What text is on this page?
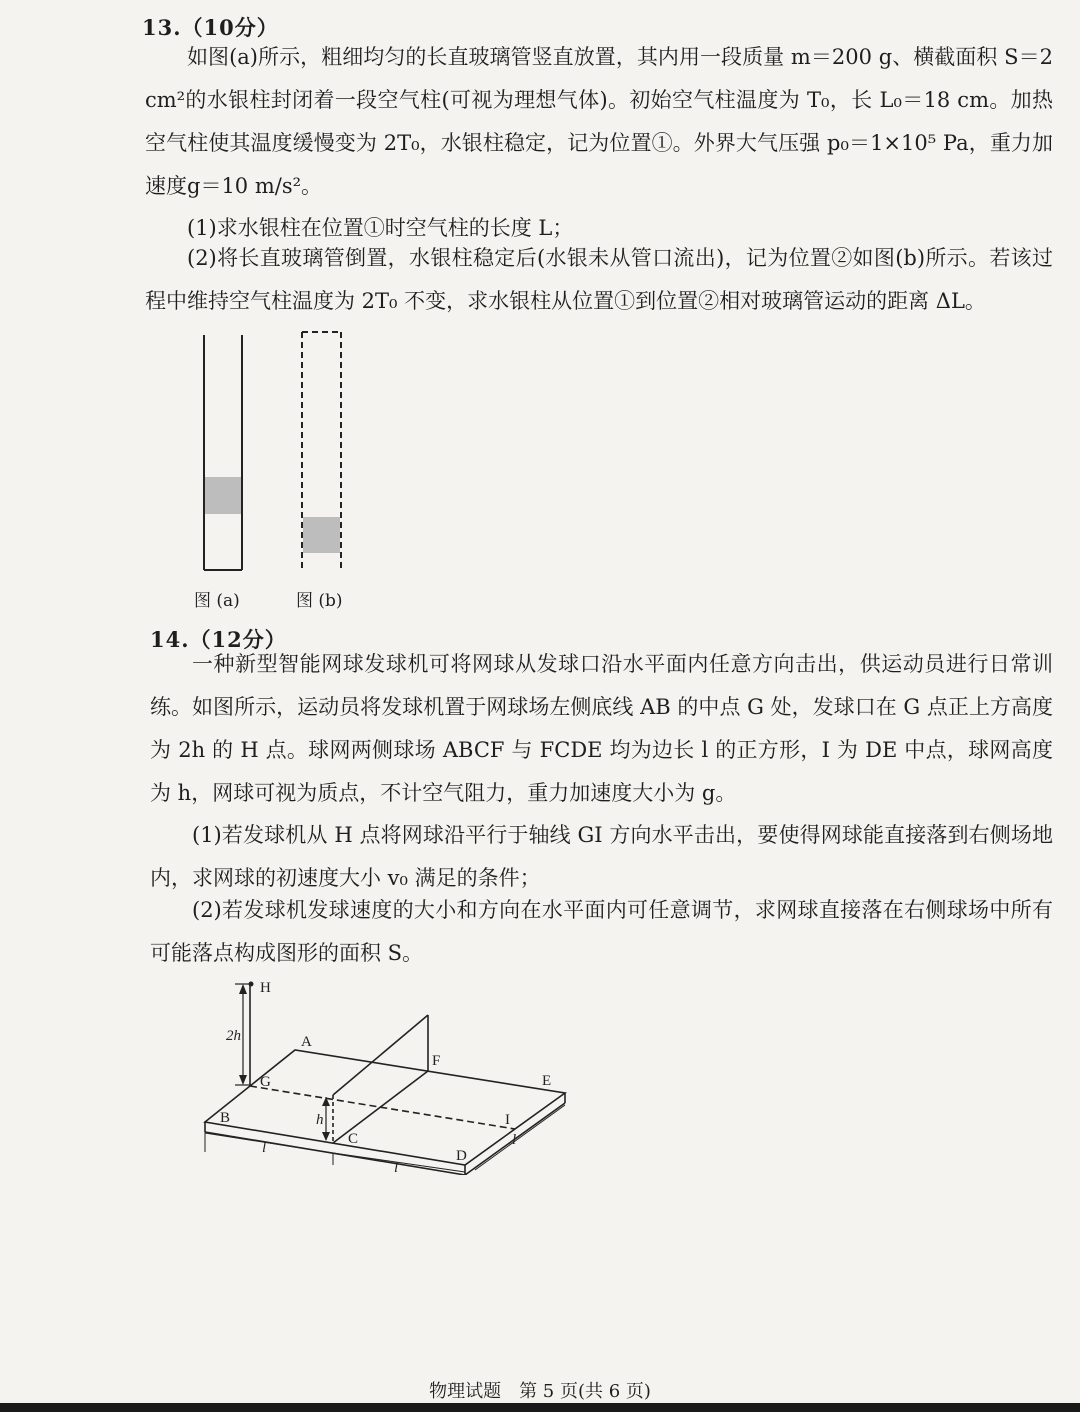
13.（10分）

如图(a)所示，粗细均匀的长直玻璃管竖直放置，其内用一段质量 m＝200 g、横截面积 S＝2 cm²的水银柱封闭着一段空气柱(可视为理想气体)。初始空气柱温度为 T₀，长 L₀＝18 cm。加热空气柱使其温度缓慢变为 2T₀，水银柱稳定，记为位置①。外界大气压强 p₀＝1×10⁵ Pa，重力加速度g＝10 m/s²。

(1)求水银柱在位置①时空气柱的长度 L；

(2)将长直玻璃管倒置，水银柱稳定后(水银未从管口流出)，记为位置②如图(b)所示。若该过程中维持空气柱温度为 2T₀ 不变，求水银柱从位置①到位置②相对玻璃管运动的距离 ΔL。

图 (a)	图 (b)
14.（12分）

一种新型智能网球发球机可将网球从发球口沿水平面内任意方向击出，供运动员进行日常训练。如图所示，运动员将发球机置于网球场左侧底线 AB 的中点 G 处，发球口在 G 点正上方高度为 2h 的 H 点。球网两侧球场 ABCF 与 FCDE 均为边长 l 的正方形，I 为 DE 中点，球网高度为 h，网球可视为质点，不计空气阻力，重力加速度大小为 g。

(1)若发球机从 H 点将网球沿平行于轴线 GI 方向水平击出，要使得网球能直接落到右侧场地内，求网球的初速度大小 v₀ 满足的条件；

(2)若发球机发球速度的大小和方向在水平面内可任意调节，求网球直接落在右侧球场中所有可能落点构成图形的面积 S。

H
2h	A
F
E
G
h	I
B
C
D
l
l
l
物理试题　第 5 页(共 6 页)
